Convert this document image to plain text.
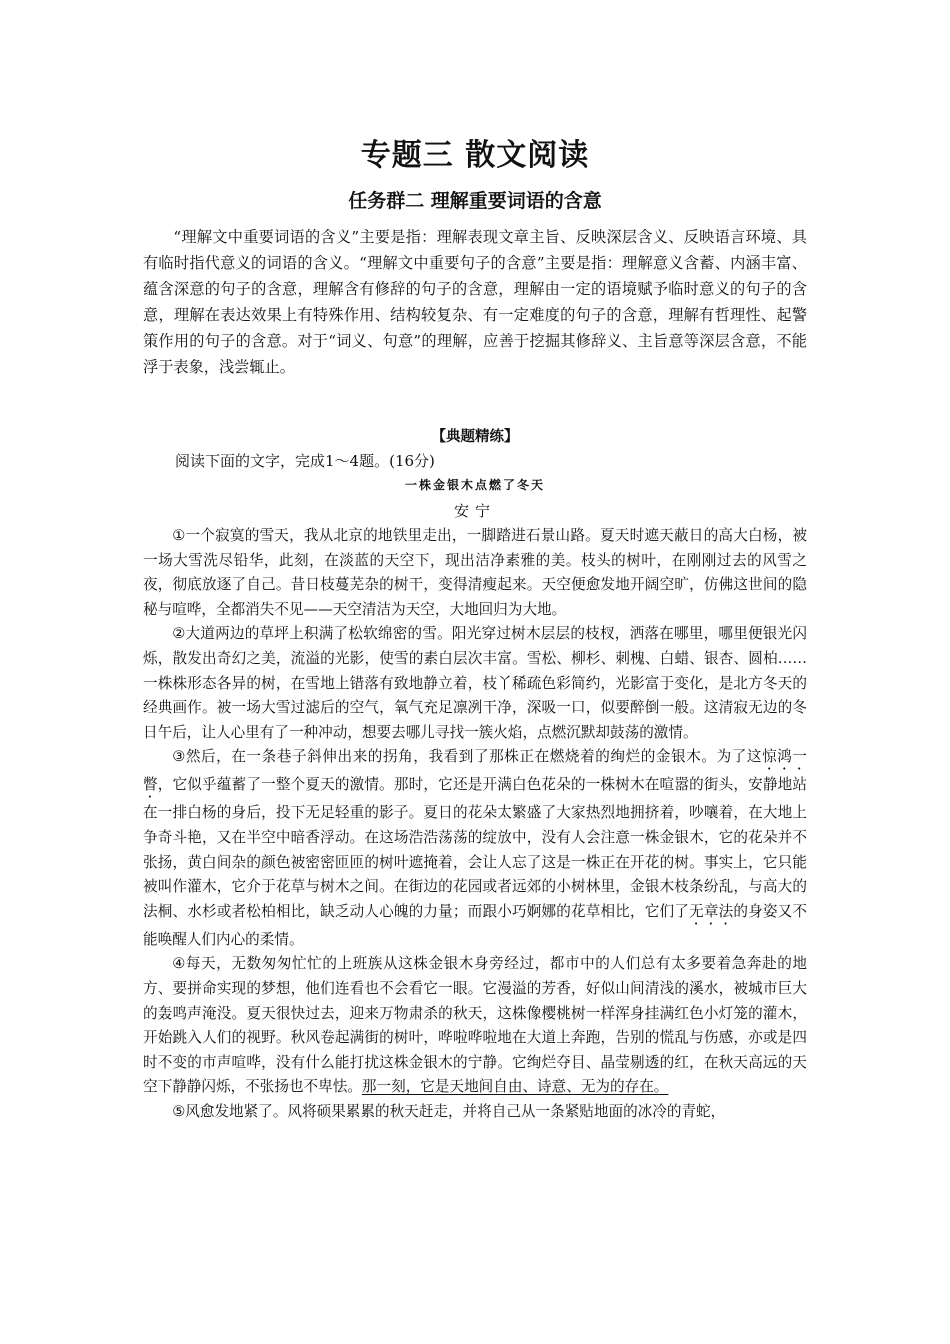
专题三 散文阅读
任务群二 理解重要词语的含意

“理解文中重要词语的含义”主要是指：理解表现文章主旨、反映深层含义、反映语言环境、具有临时指代意义的词语的含义。“理解文中重要句子的含意”主要是指：理解意义含蓄、内涵丰富、蕴含深意的句子的含意，理解含有修辞的句子的含意，理解由一定的语境赋予临时意义的句子的含意，理解在表达效果上有特殊作用、结构较复杂、有一定难度的句子的含意，理解有哲理性、起警策作用的句子的含意。对于“词义、句意”的理解，应善于挖掘其修辞义、主旨意等深层含意，不能浮于表象，浅尝辄止。

【典题精练】
阅读下面的文字，完成1～4题。(16分)
一株金银木点燃了冬天
安宁

①一个寂寞的雪天，我从北京的地铁里走出，一脚踏进石景山路。夏天时遮天蔽日的高大白杨，被一场大雪洗尽铅华，此刻，在淡蓝的天空下，现出洁净素雅的美。枝头的树叶，在刚刚过去的风雪之夜，彻底放逐了自己。昔日枝蔓芜杂的树干，变得清瘦起来。天空便愈发地开阔空旷，仿佛这世间的隐秘与喧哗，全都消失不见——天空清洁为天空，大地回归为大地。

②大道两边的草坪上积满了松软绵密的雪。阳光穿过树木层层的枝杈，洒落在哪里，哪里便银光闪烁，散发出奇幻之美，流溢的光影，使雪的素白层次丰富。雪松、柳杉、刺槐、白蜡、银杏、圆柏……一株株形态各异的树，在雪地上错落有致地静立着，枝丫稀疏色彩简约，光影富于变化，是北方冬天的经典画作。被一场大雪过滤后的空气，氧气充足凛冽干净，深吸一口，似要醉倒一般。这清寂无边的冬日午后，让人心里有了一种冲动，想要去哪儿寻找一簇火焰，点燃沉默却鼓荡的激情。

③然后，在一条巷子斜伸出来的拐角，我看到了那株正在燃烧着的绚烂的金银木。为了这惊鸿一瞥，它似乎蕴蓄了一整个夏天的激情。那时，它还是开满白色花朵的一株树木在喧嚣的街头，安静地站在一排白杨的身后，投下无足轻重的影子。夏日的花朵太繁盛了大家热烈地拥挤着，吵嚷着，在大地上争奇斗艳，又在半空中暗香浮动。在这场浩浩荡荡的绽放中，没有人会注意一株金银木，它的花朵并不张扬，黄白间杂的颜色被密密匝匝的树叶遮掩着，会让人忘了这是一株正在开花的树。事实上，它只能被叫作灌木，它介于花草与树木之间。在街边的花园或者远郊的小树林里，金银木枝条纷乱，与高大的法桐、水杉或者松柏相比，缺乏动人心魄的力量；而跟小巧婀娜的花草相比，它们了无章法的身姿又不能唤醒人们内心的柔情。

④每天，无数匆匆忙忙的上班族从这株金银木身旁经过，都市中的人们总有太多要着急奔赴的地方、要拼命实现的梦想，他们连看也不会看它一眼。它漫溢的芳香，好似山间清浅的溪水，被城市巨大的轰鸣声淹没。夏天很快过去，迎来万物肃杀的秋天，这株像樱桃树一样浑身挂满红色小灯笼的灌木，开始跳入人们的视野。秋风卷起满街的树叶，哗啦哗啦地在大道上奔跑，告别的慌乱与伤感，亦或是四时不变的市声喧哗，没有什么能打扰这株金银木的宁静。它绚烂夺目、晶莹剔透的红，在秋天高远的天空下静静闪烁，不张扬也不卑怯。那一刻，它是天地间自由、诗意、无为的存在。

⑤风愈发地紧了。风将硕果累累的秋天赶走，并将自己从一条紧贴地面的冰冷的青蛇，
